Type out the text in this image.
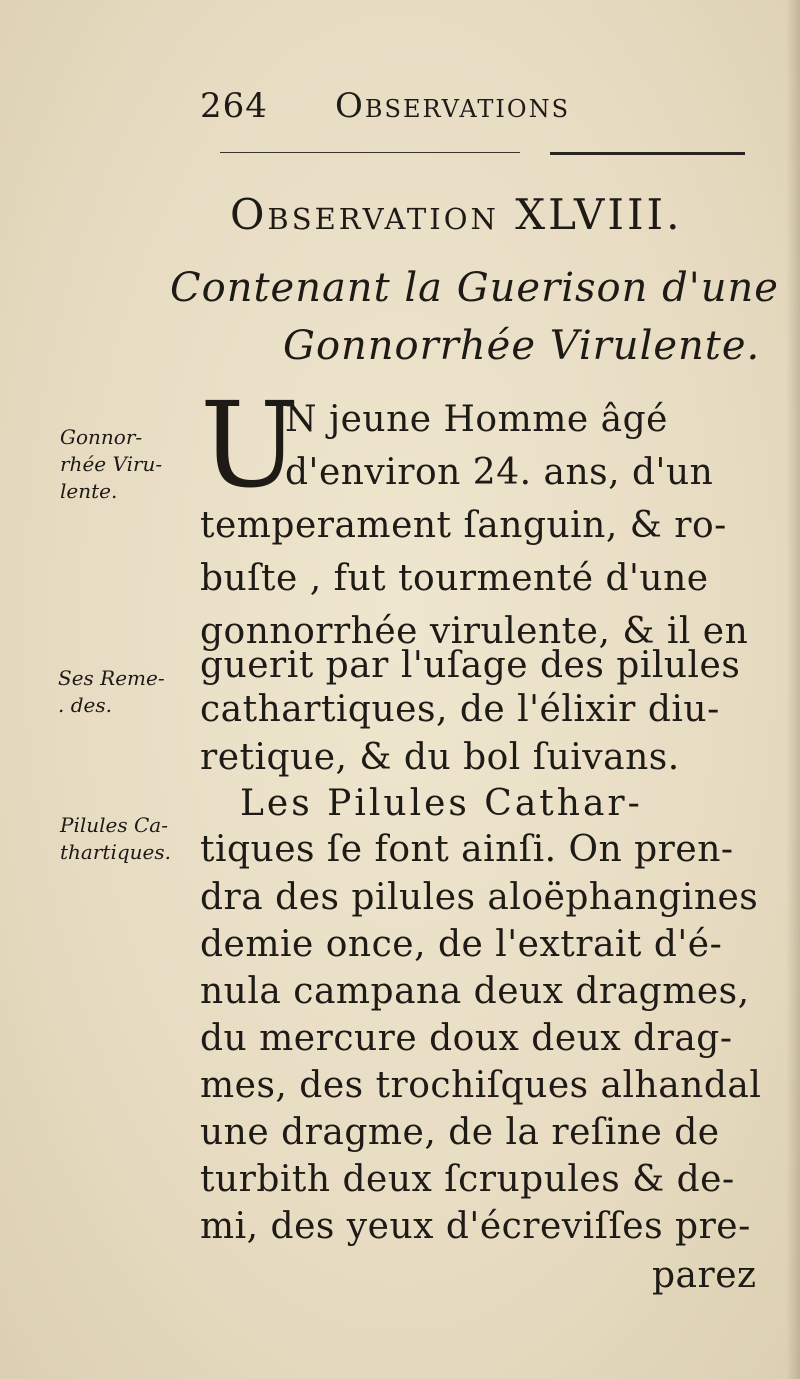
264 Observations
Observation XLVIII.
Contenant la Guerison d'une
Gonnorrhée Virulente.
Gonnor-
rhée Viru-
lente.
Ses Reme-
. des.
Pilules Ca-
thartiques.
U
N jeune Homme âgé
d'environ 24. ans, d'un
temperament ſanguin, & ro-
buſte , fut tourmenté d'une
gonnorrhée virulente, & il en
guerit par l'uſage des pilules
cathartiques, de l'élixir diu-
retique, & du bol ſuivans.
Les Pilules Cathar-
tiques ſe font ainſi. On pren-
dra des pilules aloëphangines
demie once, de l'extrait d'é-
nula campana deux dragmes,
du mercure doux deux drag-
mes, des trochiſques alhandal
une dragme, de la reſine de
turbith deux ſcrupules & de-
mi, des yeux d'écreviſſes pre-
parez
